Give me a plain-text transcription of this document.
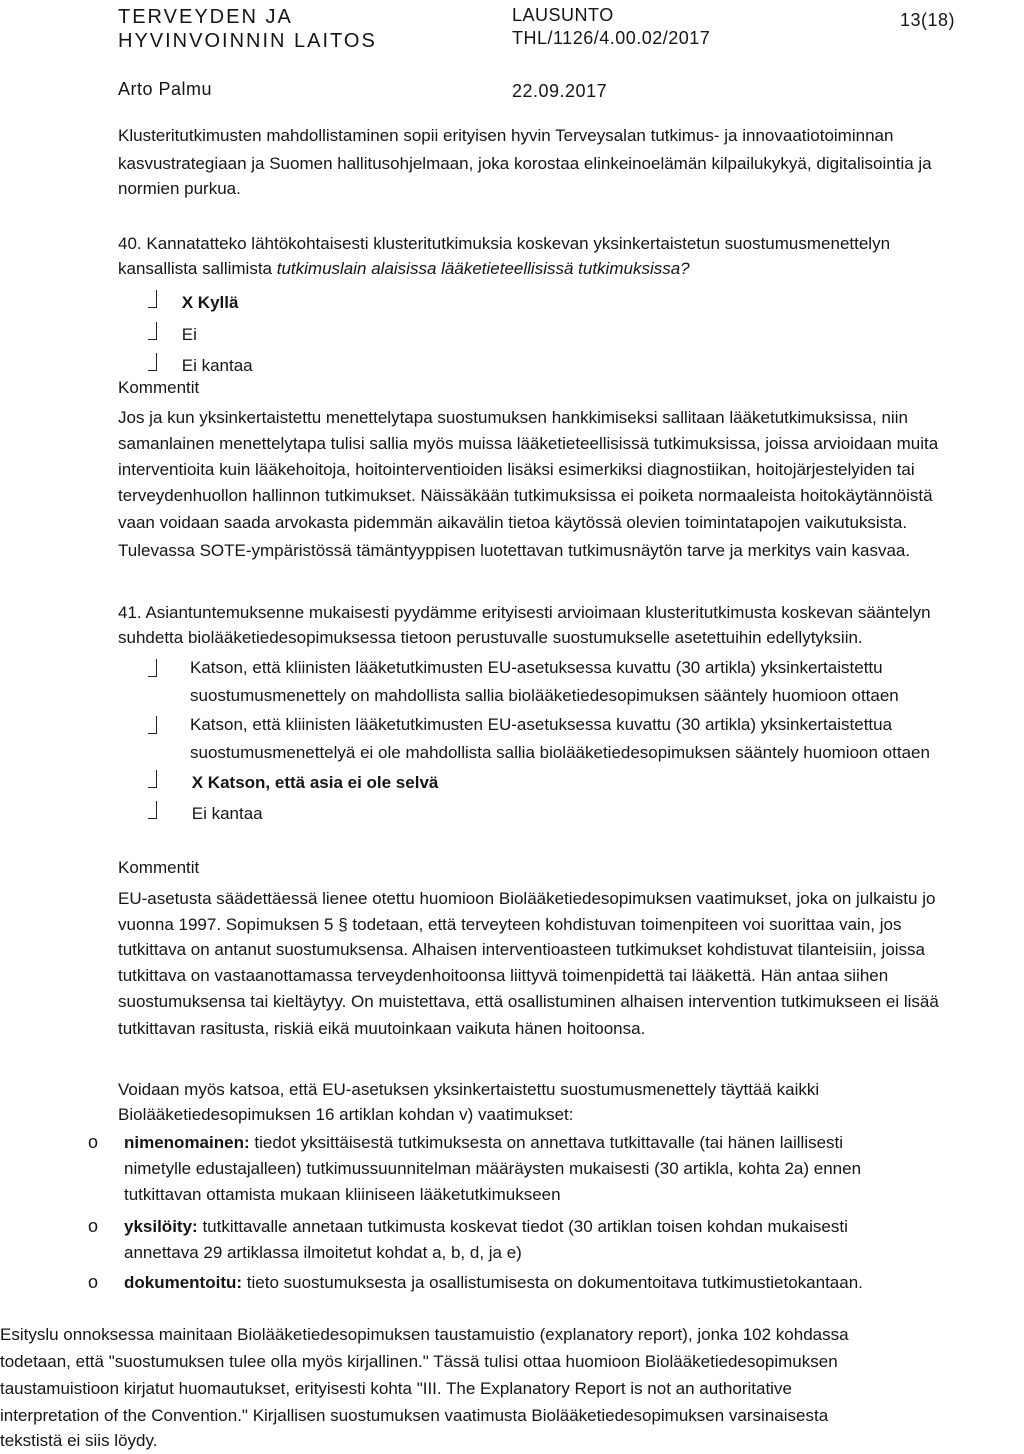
TERVEYDEN JA
HYVINVOINNIN LAITOS
LAUSUNTO
THL/1126/4.00.02/2017
13(18)
Arto Palmu	22.09.2017
Klusteritutkimusten mahdollistaminen sopii erityisen hyvin Terveysalan tutkimus- ja innovaatiotoiminnan
kasvustrategiaan ja Suomen hallitusohjelmaan, joka korostaa elinkeinoelämän kilpailukykyä, digitalisointia ja
normien purkua.
40. Kannatatteko lähtökohtaisesti klusteritutkimuksia koskevan yksinkertaistetun suostumusmenettelyn
kansallista sallimista tutkimuslain alaisissa lääketieteellisissä tutkimuksissa?
X Kyllä
Ei
Ei kantaa
Kommentit
Jos ja kun yksinkertaistettu menettelytapa suostumuksen hankkimiseksi sallitaan lääketutkimuksissa, niin
samanlainen menettelytapa tulisi sallia myös muissa lääketieteellisissä tutkimuksissa, joissa arvioidaan muita
interventioita kuin lääkehoitoja, hoitointerventioiden lisäksi esimerkiksi diagnostiikan, hoitojärjestelyiden tai
terveydenhuollon hallinnon tutkimukset. Näissäkään tutkimuksissa ei poiketa normaaleista hoitokäytännöistä
vaan voidaan saada arvokasta pidemmän aikavälin tietoa käytössä olevien toimintatapojen vaikutuksista.
Tulevassa SOTE-ympäristössä tämäntyyppisen luotettavan tutkimusnäytön tarve ja merkitys vain kasvaa.
41. Asiantuntemuksenne mukaisesti pyydämme erityisesti arvioimaan klusteritutkimusta koskevan sääntelyn
suhdetta biolääketiedesopimuksessa tietoon perustuvalle suostumukselle asetettuihin edellytyksiin.
Katson, että kliinisten lääketutkimusten EU-asetuksessa kuvattu (30 artikla) yksinkertaistettu
suostumusmenettely on mahdollista sallia biolääketiedesopimuksen sääntely huomioon ottaen
Katson, että kliinisten lääketutkimusten EU-asetuksessa kuvattu (30 artikla) yksinkertaistettua
suostumusmenettelyä ei ole mahdollista sallia biolääketiedesopimuksen sääntely huomioon ottaen
X Katson, että asia ei ole selvä
Ei kantaa
Kommentit
EU-asetusta säädettäessä lienee otettu huomioon Biolääketiedesopimuksen vaatimukset, joka on julkaistu jo
vuonna 1997. Sopimuksen 5 § todetaan, että terveyteen kohdistuvan toimenpiteen voi suorittaa vain, jos
tutkittava on antanut suostumuksensa. Alhaisen interventioasteen tutkimukset kohdistuvat tilanteisiin, joissa
tutkittava on vastaanottamassa terveydenhoitoonsa liittyvä toimenpidettä tai lääkettä. Hän antaa siihen
suostumuksensa tai kieltäytyy. On muistettava, että osallistuminen alhaisen intervention tutkimukseen ei lisää
tutkittavan rasitusta, riskiä eikä muutoinkaan vaikuta hänen hoitoonsa.
Voidaan myös katsoa, että EU-asetuksen yksinkertaistettu suostumusmenettely täyttää kaikki
Biolääketiedesopimuksen 16 artiklan kohdan v) vaatimukset:
o nimenomainen: tiedot yksittäisestä tutkimuksesta on annettava tutkittavalle (tai hänen laillisesti
nimetylle edustajalleen) tutkimussuunnitelman määräysten mukaisesti (30 artikla, kohta 2a) ennen
tutkittavan ottamista mukaan kliiniseen lääketutkimukseen
o yksilöity: tutkittavalle annetaan tutkimusta koskevat tiedot (30 artiklan toisen kohdan mukaisesti
annettava 29 artiklassa ilmoitetut kohdat a, b, d, ja e)
o dokumentoitu: tieto suostumuksesta ja osallistumisesta on dokumentoitava tutkimustietokantaan.
Esityslu onnoksessa mainitaan Biolääketiedesopimuksen taustamuistio (explanatory report), jonka 102 kohdassa
todetaan, että "suostumuksen tulee olla myös kirjallinen." Tässä tulisi ottaa huomioon Biolääketiedesopimuksen
taustamuistioon kirjatut huomautukset, erityisesti kohta "III. The Explanatory Report is not an authoritative
interpretation of the Convention." Kirjallisen suostumuksen vaatimusta Biolääketiedesopimuksen varsinaisesta
tekstistä ei siis löydy.
